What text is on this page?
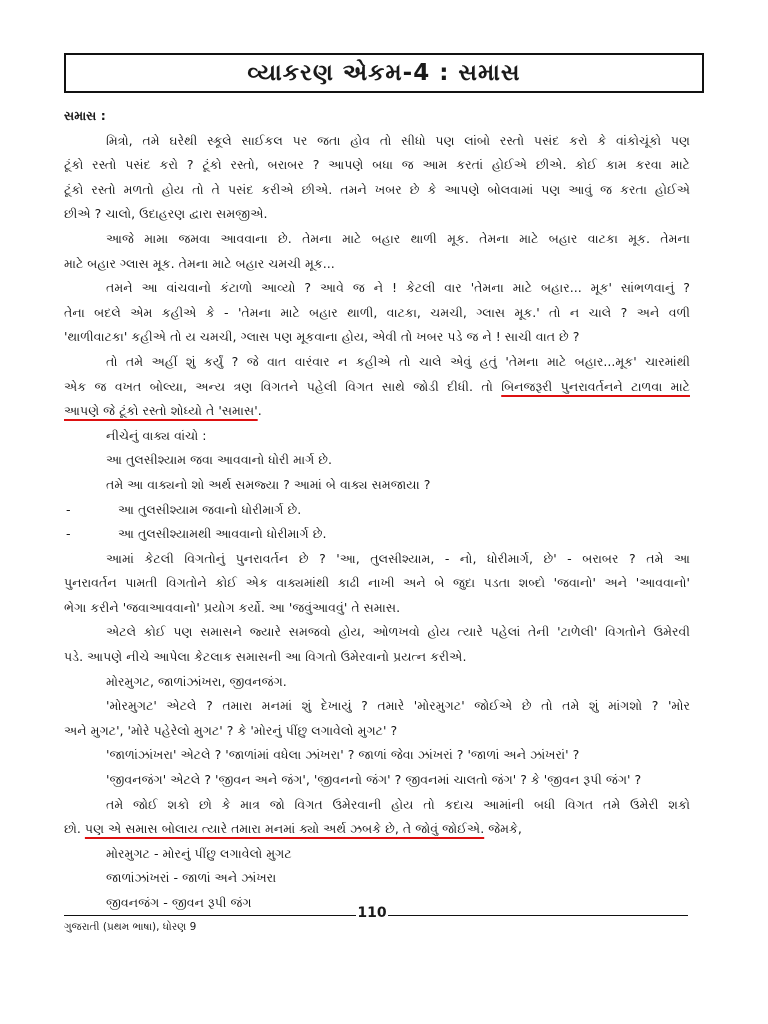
વ્યાકરણ એકમ-4 : સમાસ

સમાસ :

મિત્રો, તમે ઘરેથી સ્કૂલે સાઈકલ પર જતા હોવ તો સીધો પણ લાંબો રસ્તો પસંદ કરો કે વાંકોચૂંકો પણ
ટૂંકો રસ્તો પસંદ કરો ? ટૂંકો રસ્તો, બરાબર ? આપણે બધા જ આમ કરતાં હોઈએ છીએ. કોઈ કામ કરવા માટે
ટૂંકો રસ્તો મળતો હોય તો તે પસંદ કરીએ છીએ. તમને ખબર છે કે આપણે બોલવામાં પણ આવું જ કરતા હોઈએ
છીએ ? ચાલો, ઉદાહરણ દ્વારા સમજીએ.

આજે મામા જમવા આવવાના છે. તેમના માટે બહાર થાળી મૂક. તેમના માટે બહાર વાટકા મૂક. તેમના
માટે બહાર ગ્લાસ મૂક. તેમના માટે બહાર ચમચી મૂક...

તમને આ વાંચવાનો કંટાળો આવ્યો ? આવે જ ને ! કેટલી વાર 'તેમના માટે બહાર... મૂક' સાંભળવાનું ?
તેના બદલે એમ કહીએ કે - 'તેમના માટે બહાર થાળી, વાટકા, ચમચી, ગ્લાસ મૂક.' તો ન ચાલે ? અને વળી
'થાળીવાટકા' કહીએ તો ય ચમચી, ગ્લાસ પણ મૂકવાના હોય, એવી તો ખબર પડે જ ને ! સાચી વાત છે ?

તો તમે અહીં શું કર્યું ? જે વાત વારંવાર ન કહીએ તો ચાલે એવું હતું 'તેમના માટે બહાર...મૂક' ચારમાંથી
એક જ વખત બોલ્યા, અન્ય ત્રણ વિગતને પહેલી વિગત સાથે જોડી દીધી. તો બિનજરૂરી પુનરાવર્તનને ટાળવા માટે
આપણે જે ટૂંકો રસ્તો શોધ્યો તે 'સમાસ'.

નીચેનું વાક્ય વાંચો :

આ તુલસીશ્યામ જવા આવવાનો ધોરી માર્ગ છે.

તમે આ વાક્યનો શો અર્થ સમજ્યા ? આમાં બે વાક્ય સમજાયા ?

-	આ તુલસીશ્યામ જવાનો ધોરીમાર્ગ છે.
-	આ તુલસીશ્યામથી આવવાનો ધોરીમાર્ગ છે.

આમાં કેટલી વિગતોનું પુનરાવર્તન છે ? 'આ, તુલસીશ્યામ, - નો, ધોરીમાર્ગ, છે' - બરાબર ? તમે આ
પુનરાવર્તન પામતી વિગતોને કોઈ એક વાક્યમાંથી કાઢી નાખી અને બે જુદા પડતા શબ્દો 'જવાનો' અને 'આવવાનો'
ભેગા કરીને 'જવાઆવવાનો' પ્રયોગ કર્યો. આ 'જવુંઆવવું' તે સમાસ.

એટલે કોઈ પણ સમાસને જ્યારે સમજવો હોય, ઓળખવો હોય ત્યારે પહેલાં તેની 'ટાળેલી' વિગતોને ઉમેરવી
પડે. આપણે નીચે આપેલા કેટલાક સમાસની આ વિગતો ઉમેરવાનો પ્રયત્ન કરીએ.

મોરમુગટ, જાળાંઝાંખરા, જીવનજંગ.

'મોરમુગટ' એટલે ? તમારા મનમાં શું દેખાયું ? તમારે 'મોરમુગટ' જોઈએ છે તો તમે શું માંગશો ? 'મોર
અને મુગટ', 'મોરે પહેરેલો મુગટ' ? કે 'મોરનું પીંછુ લગાવેલો મુગટ' ?

'જાળાંઝાંખરા' એટલે ? 'જાળાંમાં વધેલા ઝાંખરા' ? જાળાં જેવા ઝાંખરાં ? 'જાળાં અને ઝાંખરાં' ?

'જીવનજંગ' એટલે ? 'જીવન અને જંગ', 'જીવનનો જંગ' ? જીવનમાં ચાલતો જંગ' ? કે 'જીવન રૂપી જંગ' ?

તમે જોઈ શકો છો કે માત્ર જો વિગત ઉમેરવાની હોય તો કદાચ આમાંની બધી વિગત તમે ઉમેરી શકો
છો. પણ એ સમાસ બોલાય ત્યારે તમારા મનમાં ક્યો અર્થ ઝબકે છે, તે જોવું જોઈએ. જેમકે,

મોરમુગટ - મોરનું પીંછુ લગાવેલો મુગટ

જાળાંઝાંખરાં - જાળાં અને ઝાંખરા

જીવનજંગ - જીવન રૂપી જંગ

110
ગુજરાતી (પ્રથમ ભાષા), ધોરણ 9
